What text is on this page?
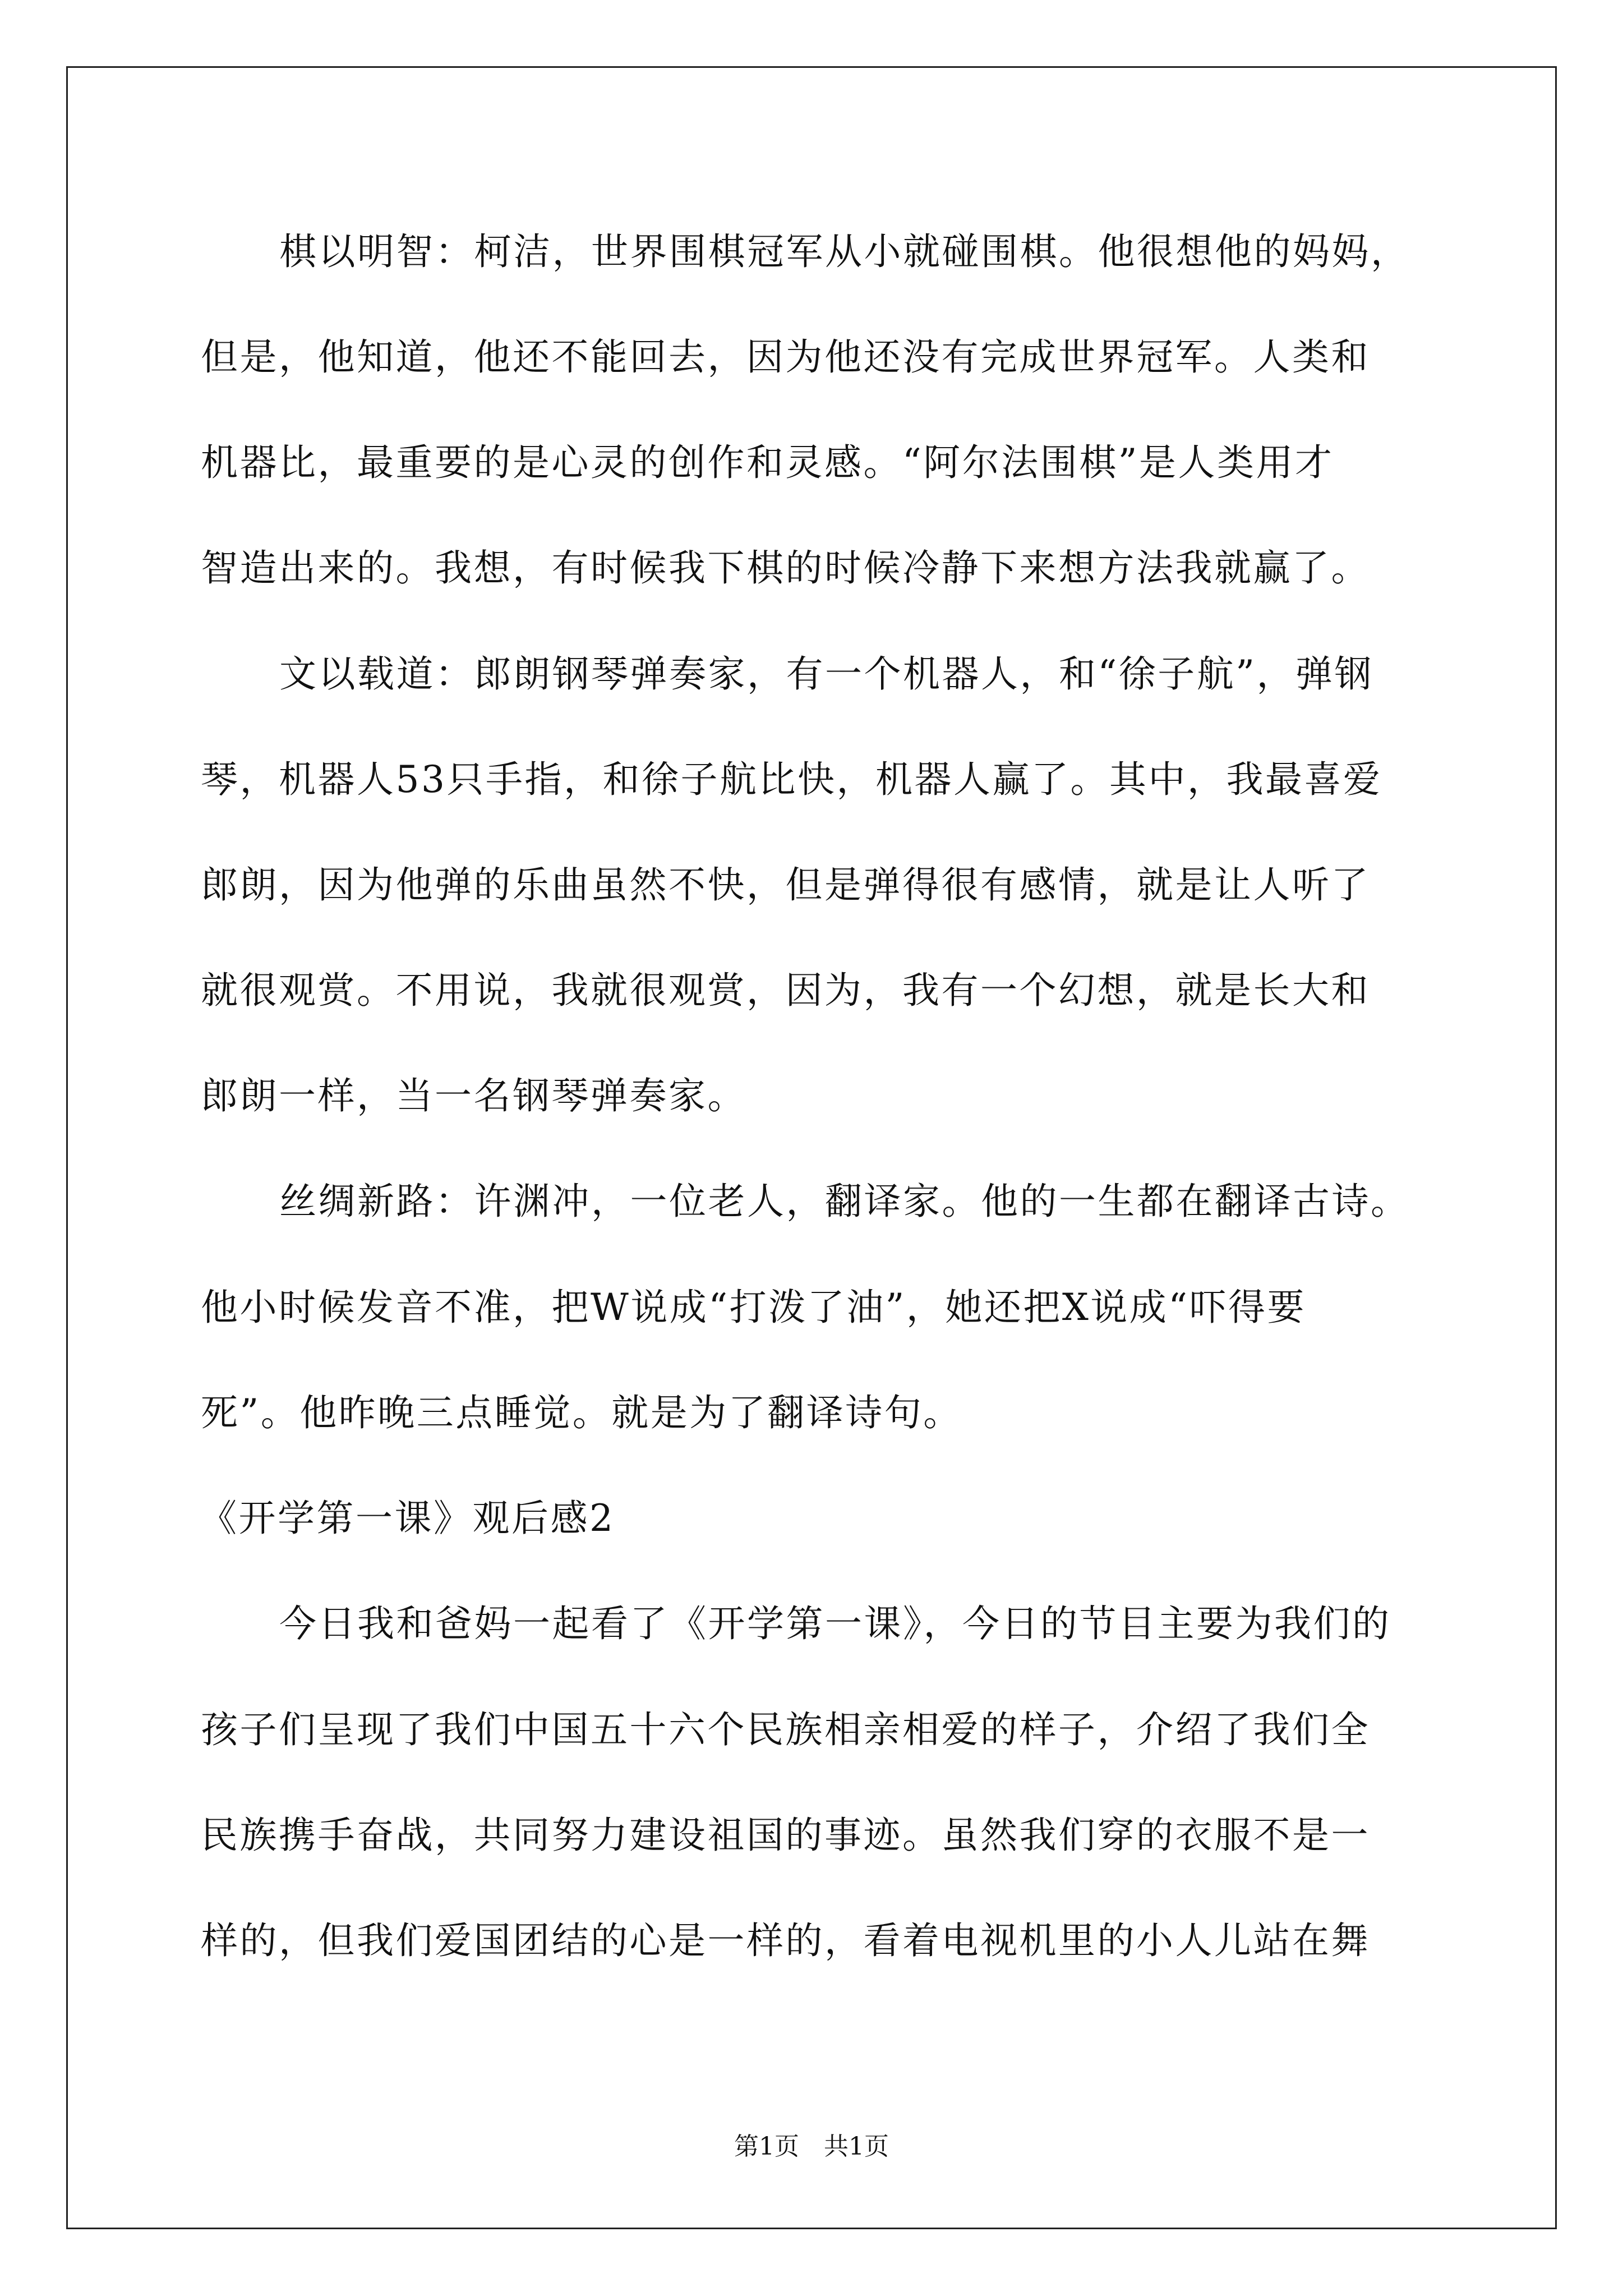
棋以明智：柯洁，世界围棋冠军从小就碰围棋。他很想他的妈妈，
但是，他知道，他还不能回去，因为他还没有完成世界冠军。人类和
机器比，最重要的是心灵的创作和灵感。“阿尔法围棋”是人类用才
智造出来的。我想，有时候我下棋的时候冷静下来想方法我就赢了。
文以载道：郎朗钢琴弹奏家，有一个机器人，和“徐子航”，弹钢
琴，机器人53只手指，和徐子航比快，机器人赢了。其中，我最喜爱
郎朗，因为他弹的乐曲虽然不快，但是弹得很有感情，就是让人听了
就很观赏。不用说，我就很观赏，因为，我有一个幻想，就是长大和
郎朗一样，当一名钢琴弹奏家。
丝绸新路：许渊冲，一位老人，翻译家。他的一生都在翻译古诗。
他小时候发音不准，把W说成“打泼了油”，她还把X说成“吓得要
死”。他昨晚三点睡觉。就是为了翻译诗句。
《开学第一课》观后感2
今日我和爸妈一起看了《开学第一课》，今日的节目主要为我们的
孩子们呈现了我们中国五十六个民族相亲相爱的样子，介绍了我们全
民族携手奋战，共同努力建设祖国的事迹。虽然我们穿的衣服不是一
样的，但我们爱国团结的心是一样的，看着电视机里的小人儿站在舞
第1页　共1页
